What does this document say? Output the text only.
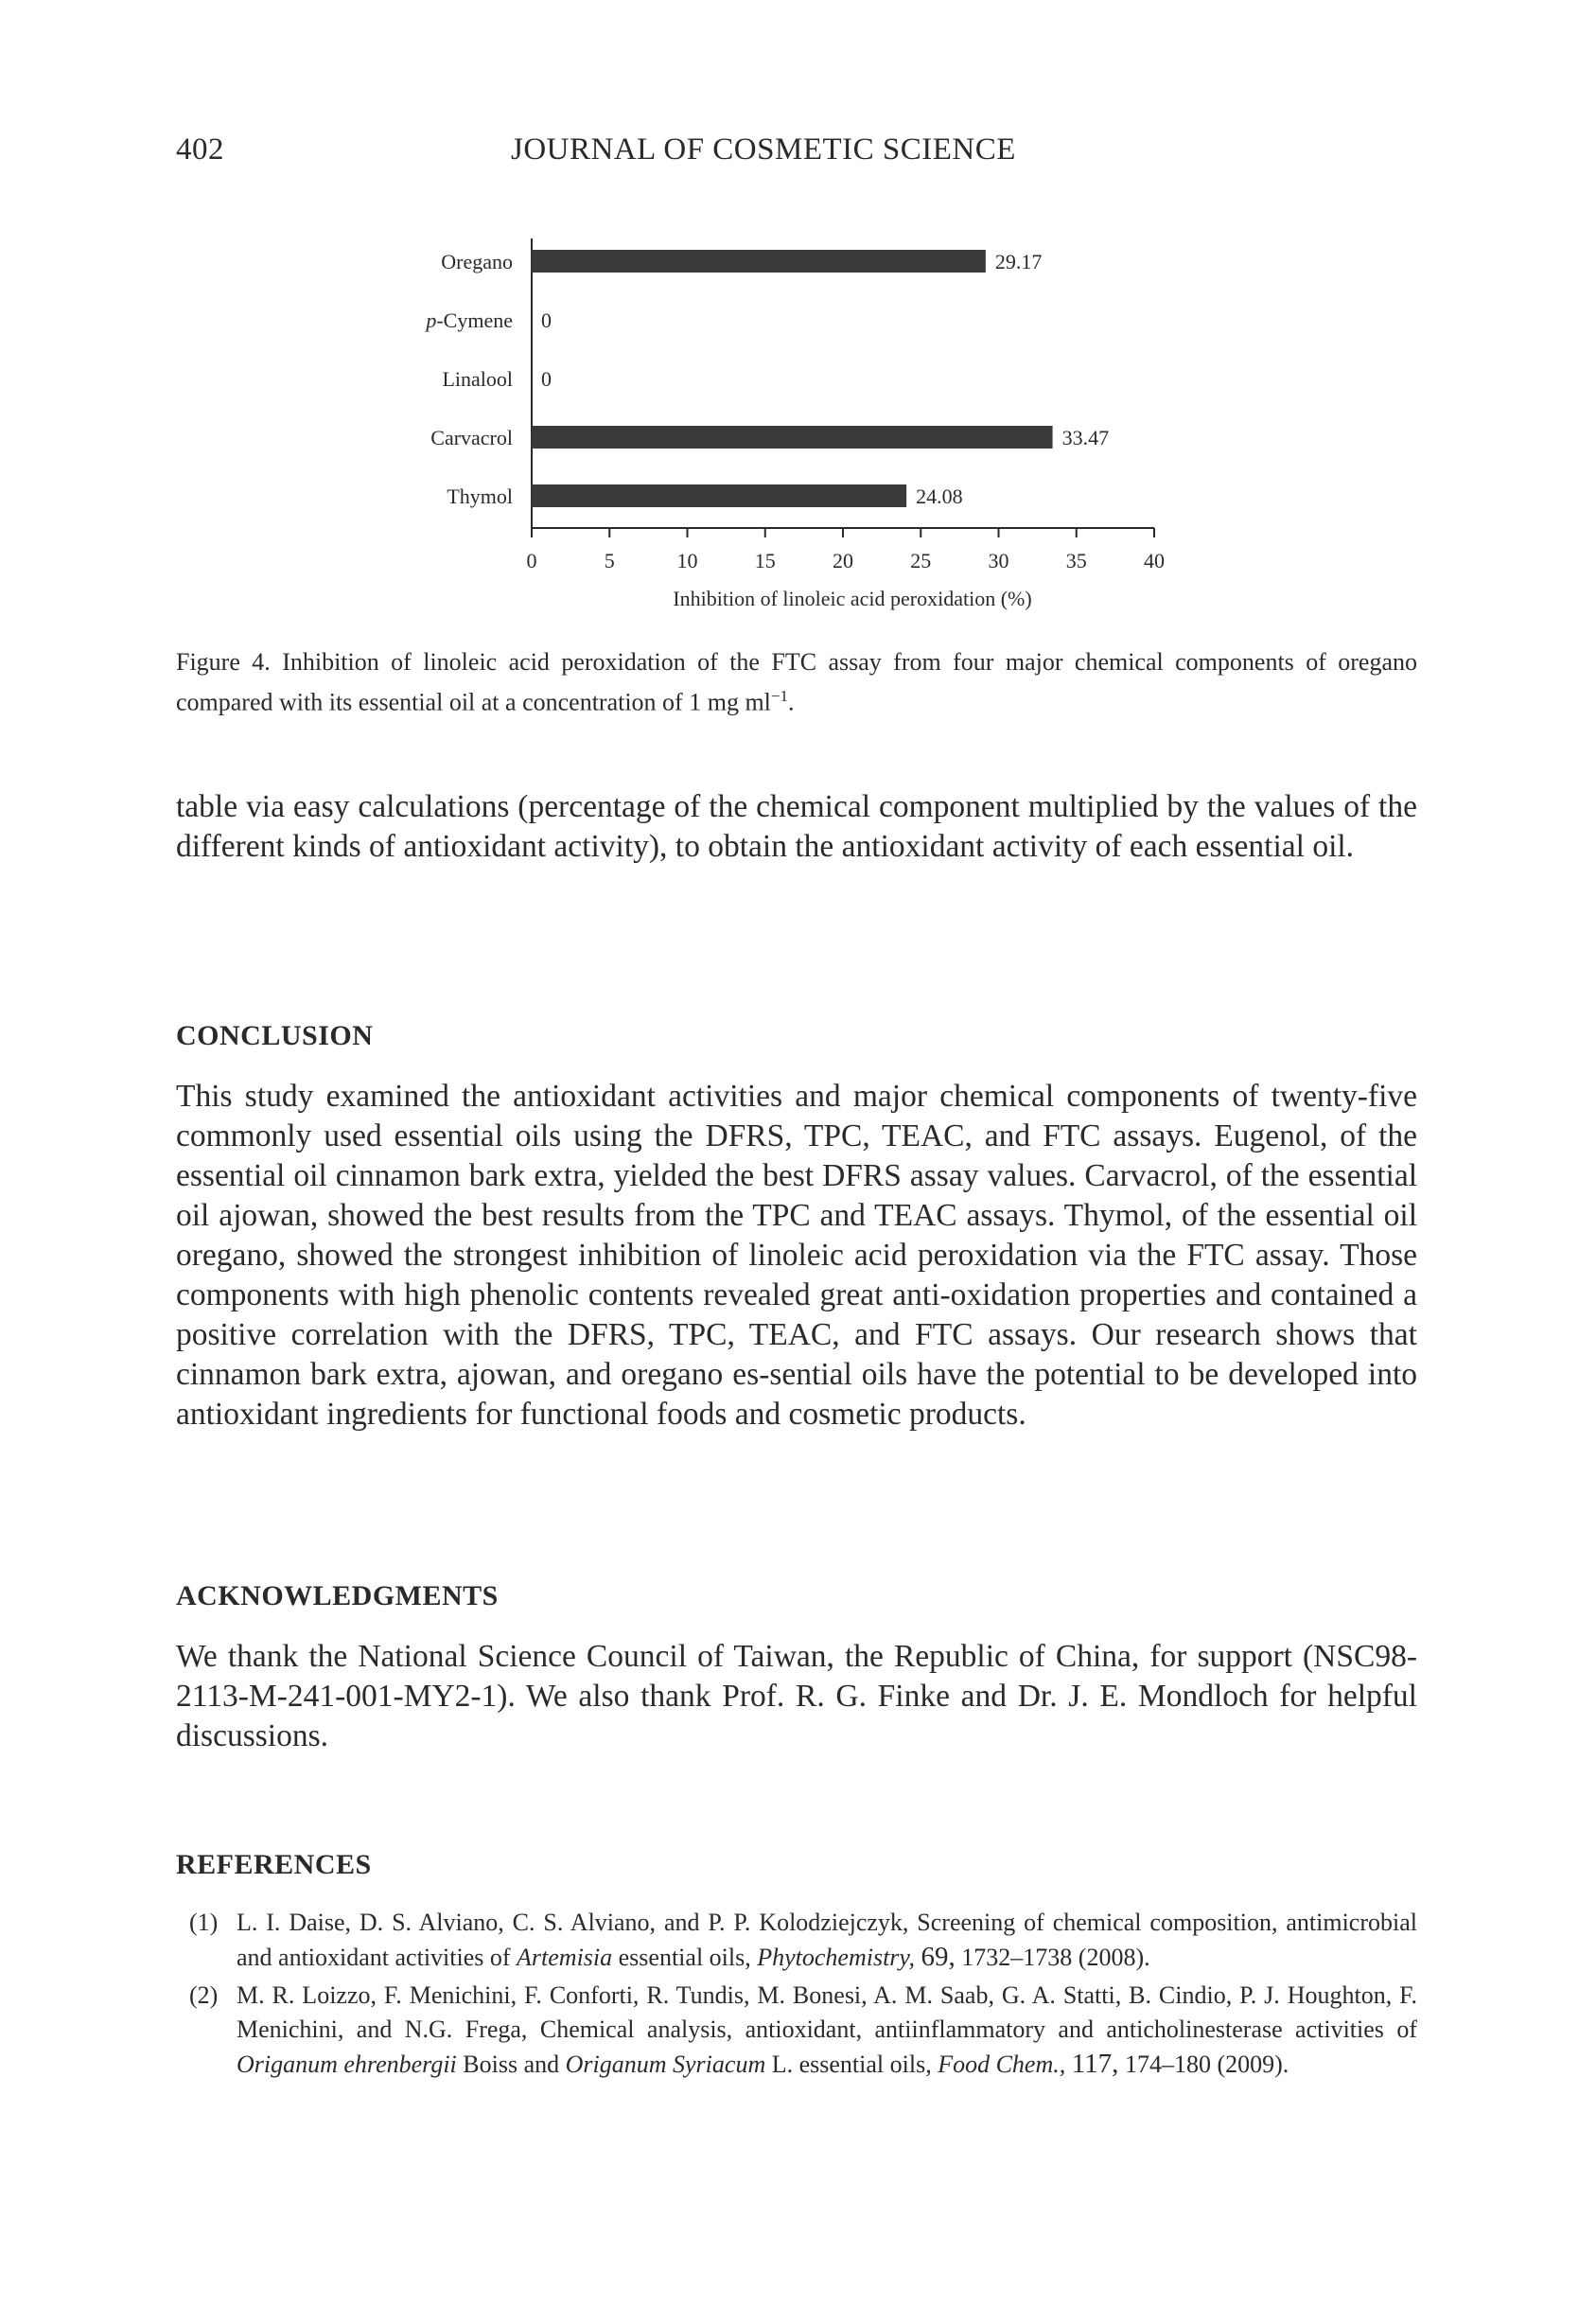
402	JOURNAL OF COSMETIC SCIENCE
Oregano	29.17
p-Cymene 0
Linalool 0
Carvacrol	33.47
Thymol	24.08
0	5	10	15	20	25	30	35	40
Inhibition of linoleic acid peroxidation (%)
Figure 4. Inhibition of linoleic acid peroxidation of the FTC assay from four major chemical components of oregano compared with its essential oil at a concentration of 1 mg $ml^{-1}$.

table via easy calculations (percentage of the chemical component multiplied by the values of the different kinds of antioxidant activity), to obtain the antioxidant activity of each essential oil.

CONCLUSION

This study examined the antioxidant activities and major chemical components of twenty-five commonly used essential oils using the DFRS, TPC, TEAC, and FTC assays. Eugenol, of the essential oil cinnamon bark extra, yielded the best DFRS assay values. Carvacrol, of the essential oil ajowan, showed the best results from the TPC and TEAC assays. Thymol, of the essential oil oregano, showed the strongest inhibition of linoleic acid peroxidation via the FTC assay. Those components with high phenolic contents revealed great anti-oxidation properties and contained a positive correlation with the DFRS, TPC, TEAC, and FTC assays. Our research shows that cinnamon bark extra, ajowan, and oregano es-sential oils have the potential to be developed into antioxidant ingredients for functional foods and cosmetic products.

ACKNOWLEDGMENTS

We thank the National Science Council of Taiwan, the Republic of China, for support (NSC98-2113-M-241-001-MY2-1). We also thank Prof. R. G. Finke and Dr. J. E. Mondloch for helpful discussions.

REFERENCES
(1) L. I. Daise, D. S. Alviano, C. S. Alviano, and P. P. Kolodziejczyk, Screening of chemical composition, antimicrobial and antioxidant activities of Artemisia essential oils, Phytochemistry, 69, 1732–1738 (2008).
(2) M. R. Loizzo, F. Menichini, F. Conforti, R. Tundis, M. Bonesi, A. M. Saab, G. A. Statti, B. Cindio, P. J. Houghton, F. Menichini, and N.G. Frega, Chemical analysis, antioxidant, antiinflammatory and anticholinesterase activities of Origanum ehrenbergii Boiss and Origanum Syriacum L. essential oils, Food Chem., 117, 174–180 (2009).
